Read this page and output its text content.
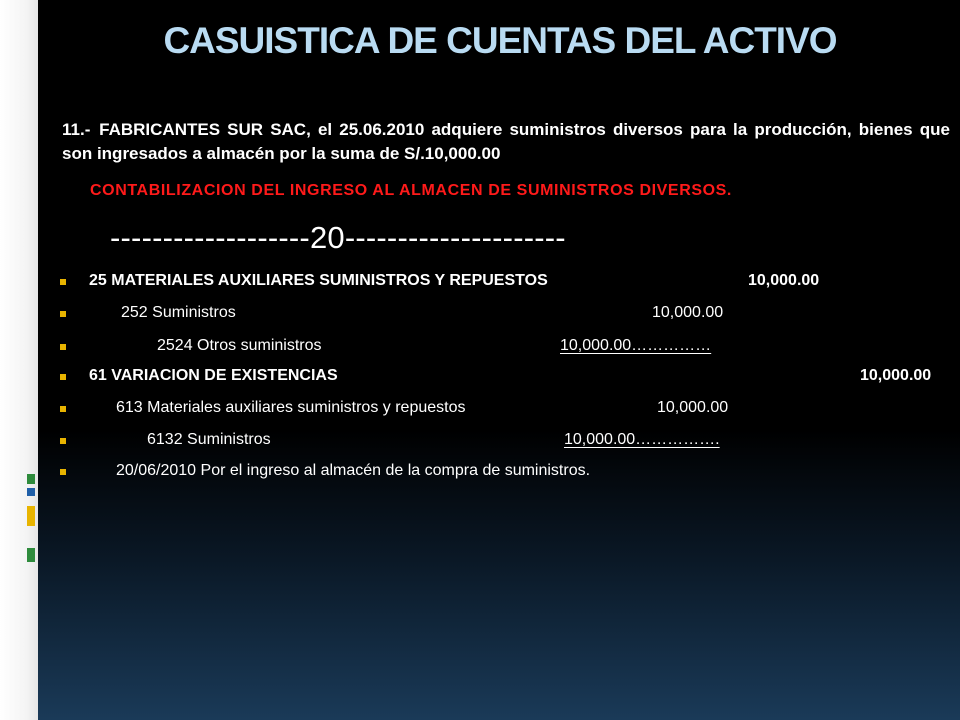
CASUISTICA DE CUENTAS DEL ACTIVO

11.- FABRICANTES SUR SAC, el 25.06.2010 adquiere suministros diversos para la producción, bienes que son ingresados a almacén por la suma de S/.10,000.00

CONTABILIZACION DEL INGRESO AL ALMACEN DE SUMINISTROS DIVERSOS.

-------------------20---------------------
25 MATERIALES AUXILIARES SUMINISTROS Y REPUESTOS	10,000.00
252 Suministros	10,000.00
2524 Otros suministros	10,000.00……………
61 VARIACION DE EXISTENCIAS	10,000.00
613 Materiales auxiliares suministros y repuestos	10,000.00
6132 Suministros	10,000.00…………….
20/06/2010 Por el ingreso al almacén de la compra de suministros.
